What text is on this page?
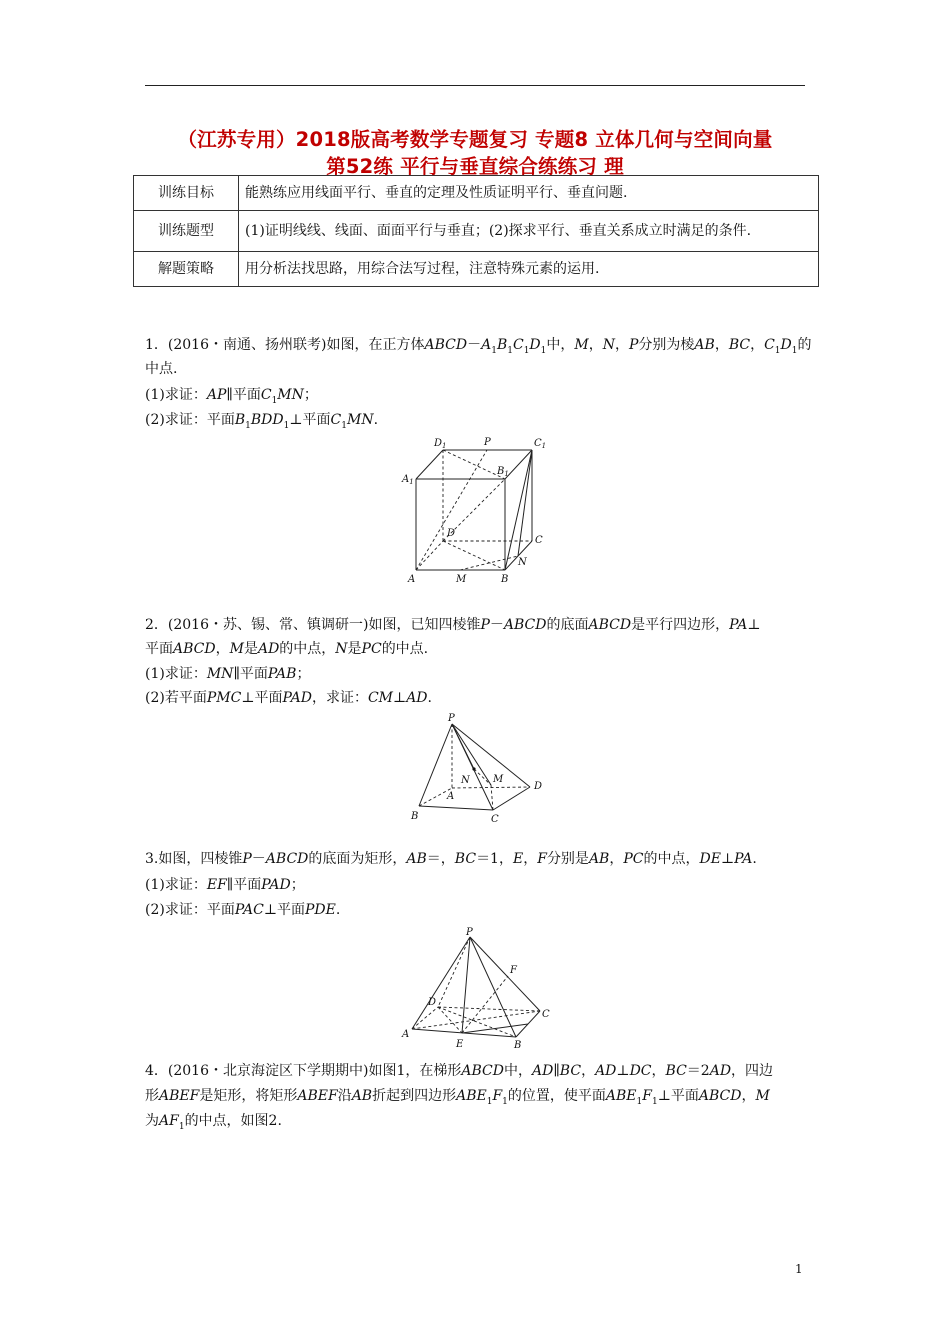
（江苏专用）2018版高考数学专题复习 专题8 立体几何与空间向量
第52练 平行与垂直综合练练习 理
训练目标	能熟练应用线面平行、垂直的定理及性质证明平行、垂直问题.
训练题型	(1)证明线线、线面、面面平行与垂直；(2)探求平行、垂直关系成立时满足的条件.
解题策略	用分析法找思路，用综合法写过程，注意特殊元素的运用.
1．(2016・南通、扬州联考)如图，在正方体$ABCD-A_1B_1C_1D_1$中，M，N，P分别为棱AB，BC，$C_1D_1$的
中点.
(1)求证：AP∥平面$C_1MN$；
(2)求证：平面$B_1BDD_1\perp$平面$C_1MN$.
$D_1$	P	$C_1$
$B_1$
$A_1$
D
C
A	M	B
N
2．(2016・苏、锡、常、镇调研一)如图，已知四棱锥P－ABCD的底面ABCD是平行四边形，PA⊥
平面ABCD，M是AD的中点，N是PC的中点.
(1)求证：MN∥平面PAB；
(2)若平面PMC⊥平面PAD，求证：CM⊥AD.
P
N M
A
D
B	C
3.如图，四棱锥P－ABCD的底面为矩形，AB＝，BC＝1，E，F分别是AB，PC的中点，DE⊥PA.
(1)求证：EF∥平面PAD；
(2)求证：平面PAC⊥平面PDE.
P
F
D
C
A
E	B
4．(2016・北京海淀区下学期期中)如图1，在梯形ABCD中，AD∥BC，AD⊥DC，BC＝2AD，四边
形ABEF是矩形，将矩形ABEF沿AB折起到四边形$ABE_1F_1$的位置，使平面$ABE_1F_1\perp$平面ABCD，M
为$AF_1$的中点，如图2.
1
